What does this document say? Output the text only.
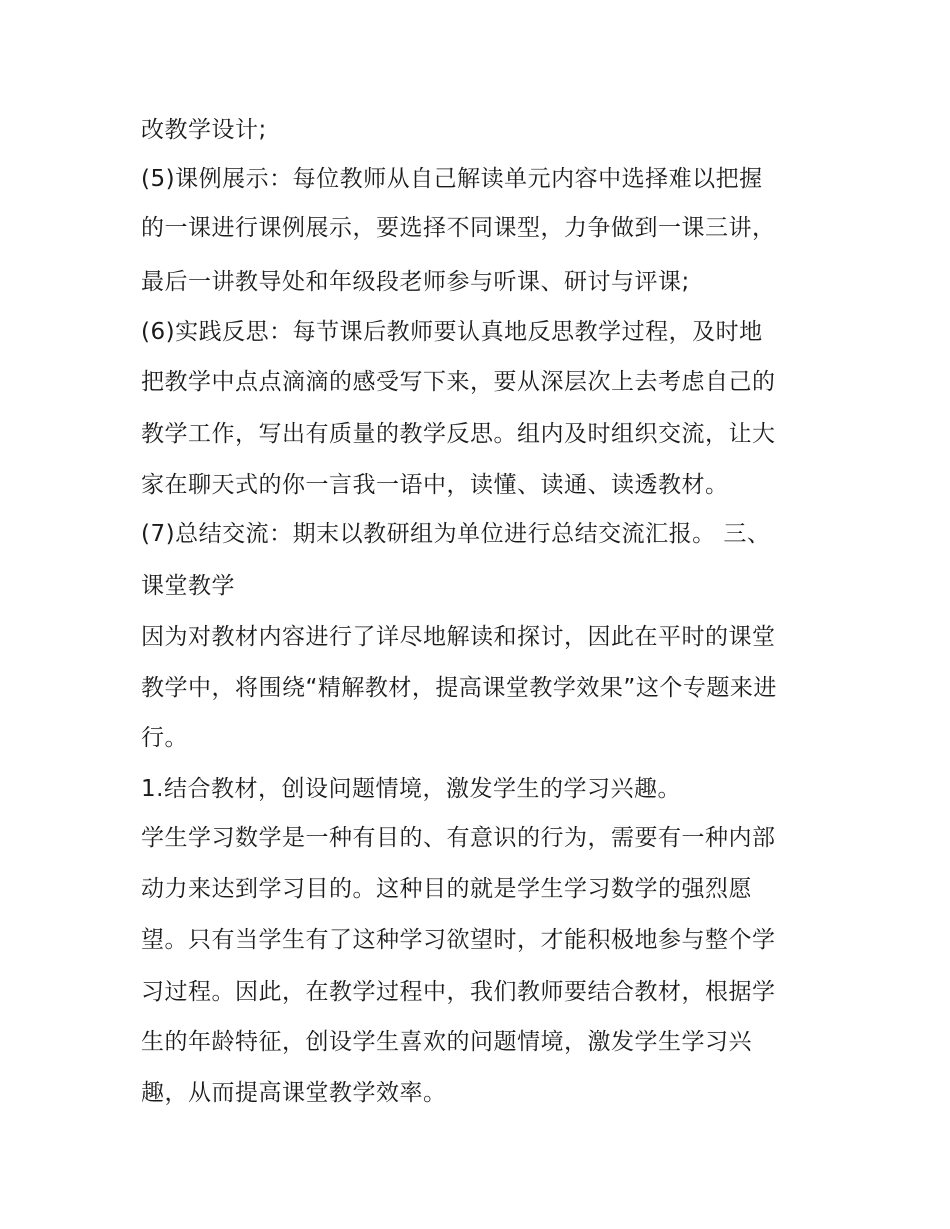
改教学设计;
(5)课例展示：每位教师从自己解读单元内容中选择难以把握
的一课进行课例展示，要选择不同课型，力争做到一课三讲，
最后一讲教导处和年级段老师参与听课、研讨与评课;
(6)实践反思：每节课后教师要认真地反思教学过程，及时地
把教学中点点滴滴的感受写下来，要从深层次上去考虑自己的
教学工作，写出有质量的教学反思。组内及时组织交流，让大
家在聊天式的你一言我一语中，读懂、读通、读透教材。
(7)总结交流：期末以教研组为单位进行总结交流汇报。 三、
课堂教学
因为对教材内容进行了详尽地解读和探讨，因此在平时的课堂
教学中，将围绕“精解教材，提高课堂教学效果”这个专题来进
行。
1.结合教材，创设问题情境，激发学生的学习兴趣。
学生学习数学是一种有目的、有意识的行为，需要有一种内部
动力来达到学习目的。这种目的就是学生学习数学的强烈愿
望。只有当学生有了这种学习欲望时，才能积极地参与整个学
习过程。因此，在教学过程中，我们教师要结合教材，根据学
生的年龄特征，创设学生喜欢的问题情境，激发学生学习兴
趣，从而提高课堂教学效率。
